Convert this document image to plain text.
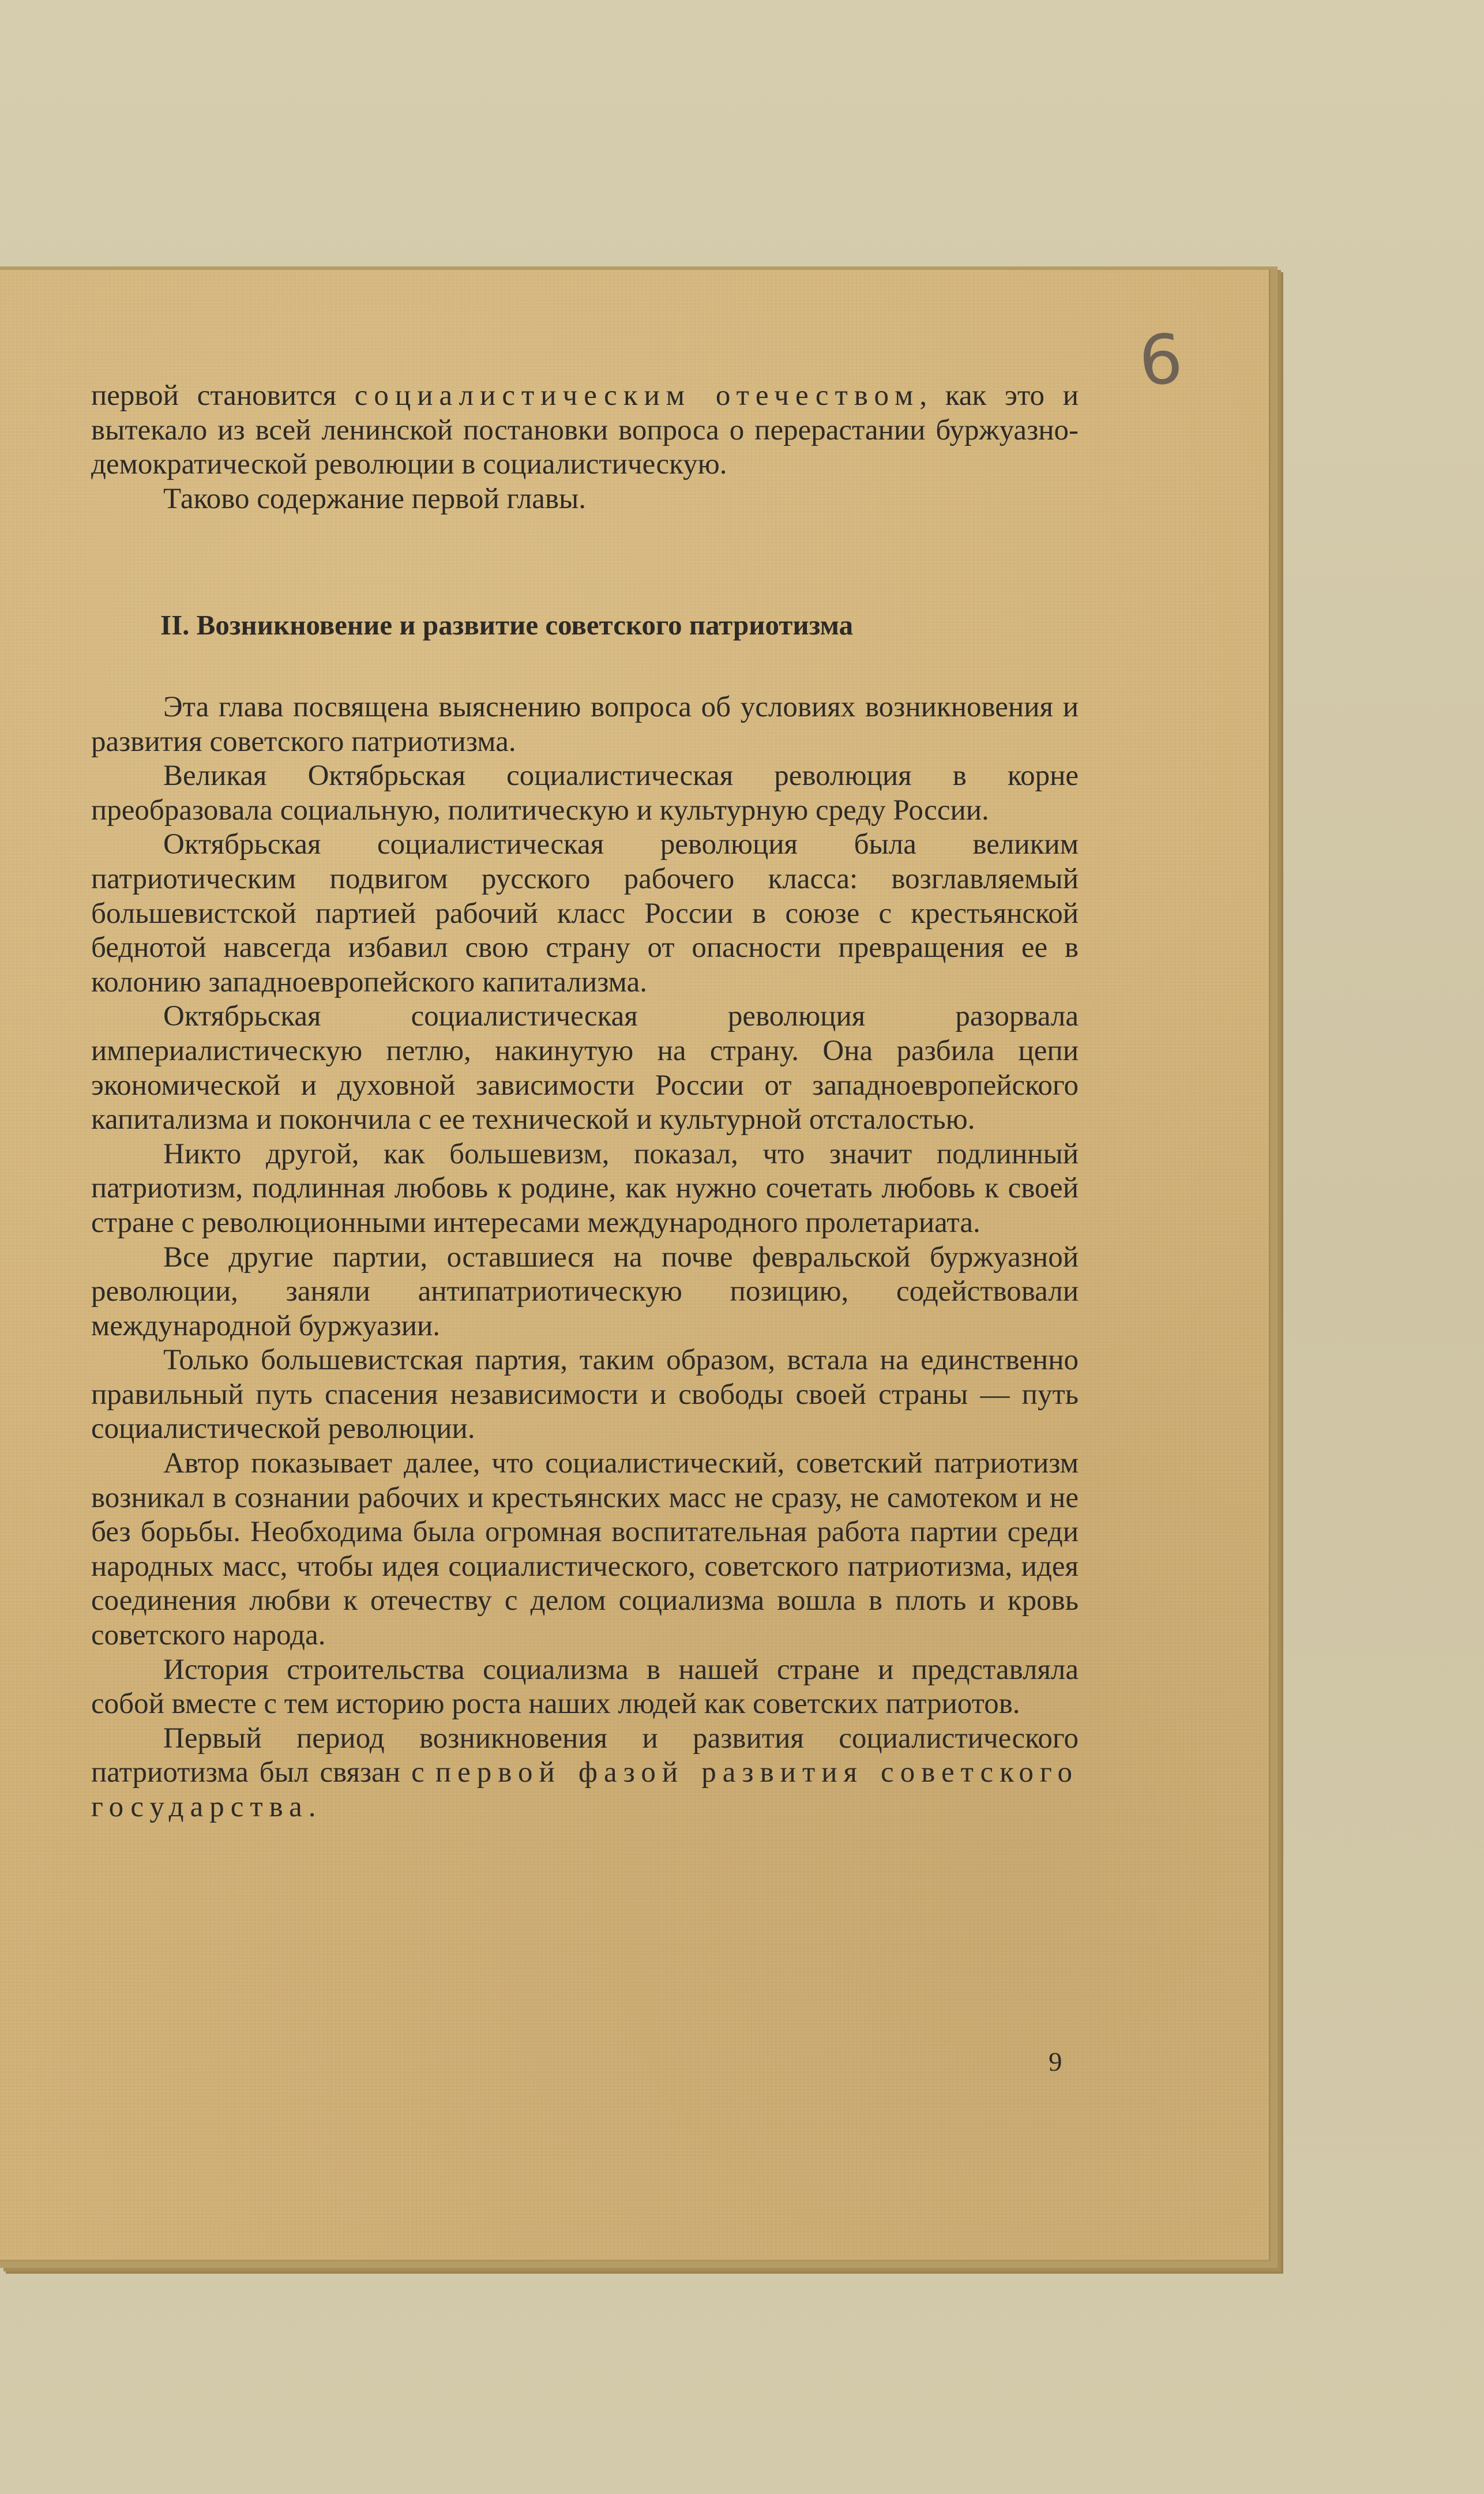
6

первой становится социалистическим отечеством, как это и вытекало из всей ленинской постановки вопроса о перерастании буржуазно-демократической революции в социалистическую.

Таково содержание первой главы.

II. Возникновение и развитие советского патриотизма

Эта глава посвящена выяснению вопроса об условиях возникновения и развития советского патриотизма.

Великая Октябрьская социалистическая революция в корне преобразовала социальную, политическую и культурную среду России.

Октябрьская социалистическая революция была великим патриотическим подвигом русского рабочего класса: возглавляемый большевистской партией рабочий класс России в союзе с крестьянской беднотой навсегда избавил свою страну от опасности превращения ее в колонию западноевропейского капитализма.

Октябрьская социалистическая революция разорвала империалистическую петлю, накинутую на страну. Она разбила цепи экономической и духовной зависимости России от западноевропейского капитализма и покончила с ее технической и культурной отсталостью.

Никто другой, как большевизм, показал, что значит подлинный патриотизм, подлинная любовь к родине, как нужно сочетать любовь к своей стране с революционными интересами международного пролетариата.

Все другие партии, оставшиеся на почве февральской буржуазной революции, заняли антипатриотическую позицию, содействовали международной буржуазии.

Только большевистская партия, таким образом, встала на единственно правильный путь спасения независимости и свободы своей страны — путь социалистической революции.

Автор показывает далее, что социалистический, советский патриотизм возникал в сознании рабочих и крестьянских масс не сразу, не самотеком и не без борьбы. Необходима была огромная воспитательная работа партии среди народных масс, чтобы идея социалистического, советского патриотизма, идея соединения любви к отечеству с делом социализма вошла в плоть и кровь советского народа.

История строительства социализма в нашей стране и представляла собой вместе с тем историю роста наших людей как советских патриотов.

Первый период возникновения и развития социалистического патриотизма был связан с первой фазой развития советского государства.

9
